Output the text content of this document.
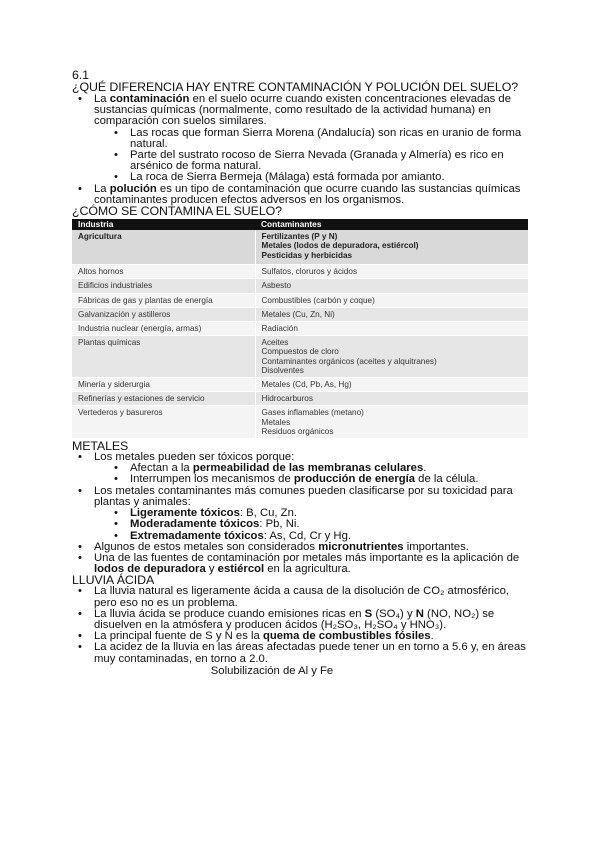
6.1
¿QUÉ DIFERENCIA HAY ENTRE CONTAMINACIÓN Y POLUCIÓN DEL SUELO?
• La contaminación en el suelo ocurre cuando existen concentraciones elevadas de sustancias químicas (normalmente, como resultado de la actividad humana) en comparación con suelos similares.
• Las rocas que forman Sierra Morena (Andalucía) son ricas en uranio de forma natural.
• Parte del sustrato rocoso de Sierra Nevada (Granada y Almería) es rico en arsénico de forma natural.
• La roca de Sierra Bermeja (Málaga) está formada por amianto.
• La polución es un tipo de contaminación que ocurre cuando las sustancias químicas contaminantes producen efectos adversos en los organismos.
¿CÓMO SE CONTAMINA EL SUELO?
Industria	Contaminantes
Agricultura	Fertilizantes (P y N)
Metales (lodos de depuradora, estiércol)
Pesticidas y herbicidas

Altos hornos	Sulfatos, cloruros y ácidos

Edificios industriales	Asbesto

Fábricas de gas y plantas de energía	Combustibles (carbón y coque)

Galvanización y astilleros	Metales (Cu, Zn, Ni)

Industria nuclear (energía, armas)	Radiación

Plantas químicas	Aceites
Compuestos de cloro
Contaminantes orgánicos (aceites y alquitranes)
Disolventes

Minería y siderurgia	Metales (Cd, Pb, As, Hg)

Refinerías y estaciones de servicio	Hidrocarburos

Vertederos y basureros	Gases inflamables (metano)
Metales
Residuos orgánicos
METALES
• Los metales pueden ser tóxicos porque:
• Afectan a la permeabilidad de las membranas celulares.
• Interrumpen los mecanismos de producción de energía de la célula.
• Los metales contaminantes más comunes pueden clasificarse por su toxicidad para plantas y animales:
• Ligeramente tóxicos: B, Cu, Zn.
• Moderadamente tóxicos: Pb, Ni.
• Extremadamente tóxicos: As, Cd, Cr y Hg.
• Algunos de estos metales son considerados micronutrientes importantes.
• Una de las fuentes de contaminación por metales más importante es la aplicación de lodos de depuradora y estiércol en la agricultura.
LLUVIA ÁCIDA
• La lluvia natural es ligeramente ácida a causa de la disolución de CO₂ atmosférico, pero eso no es un problema.
• La lluvia ácida se produce cuando emisiones ricas en S (SO₄) y N (NO, NO₂) se disuelven en la atmósfera y producen ácidos (H₂SO₃, H₂SO₄ y HNO₃).
• La principal fuente de S y N es la quema de combustibles fósiles.
• La acidez de la lluvia en las áreas afectadas puede tener un en torno a 5.6 y, en áreas muy contaminadas, en torno a 2.0.
Solubilización de Al y Fe
